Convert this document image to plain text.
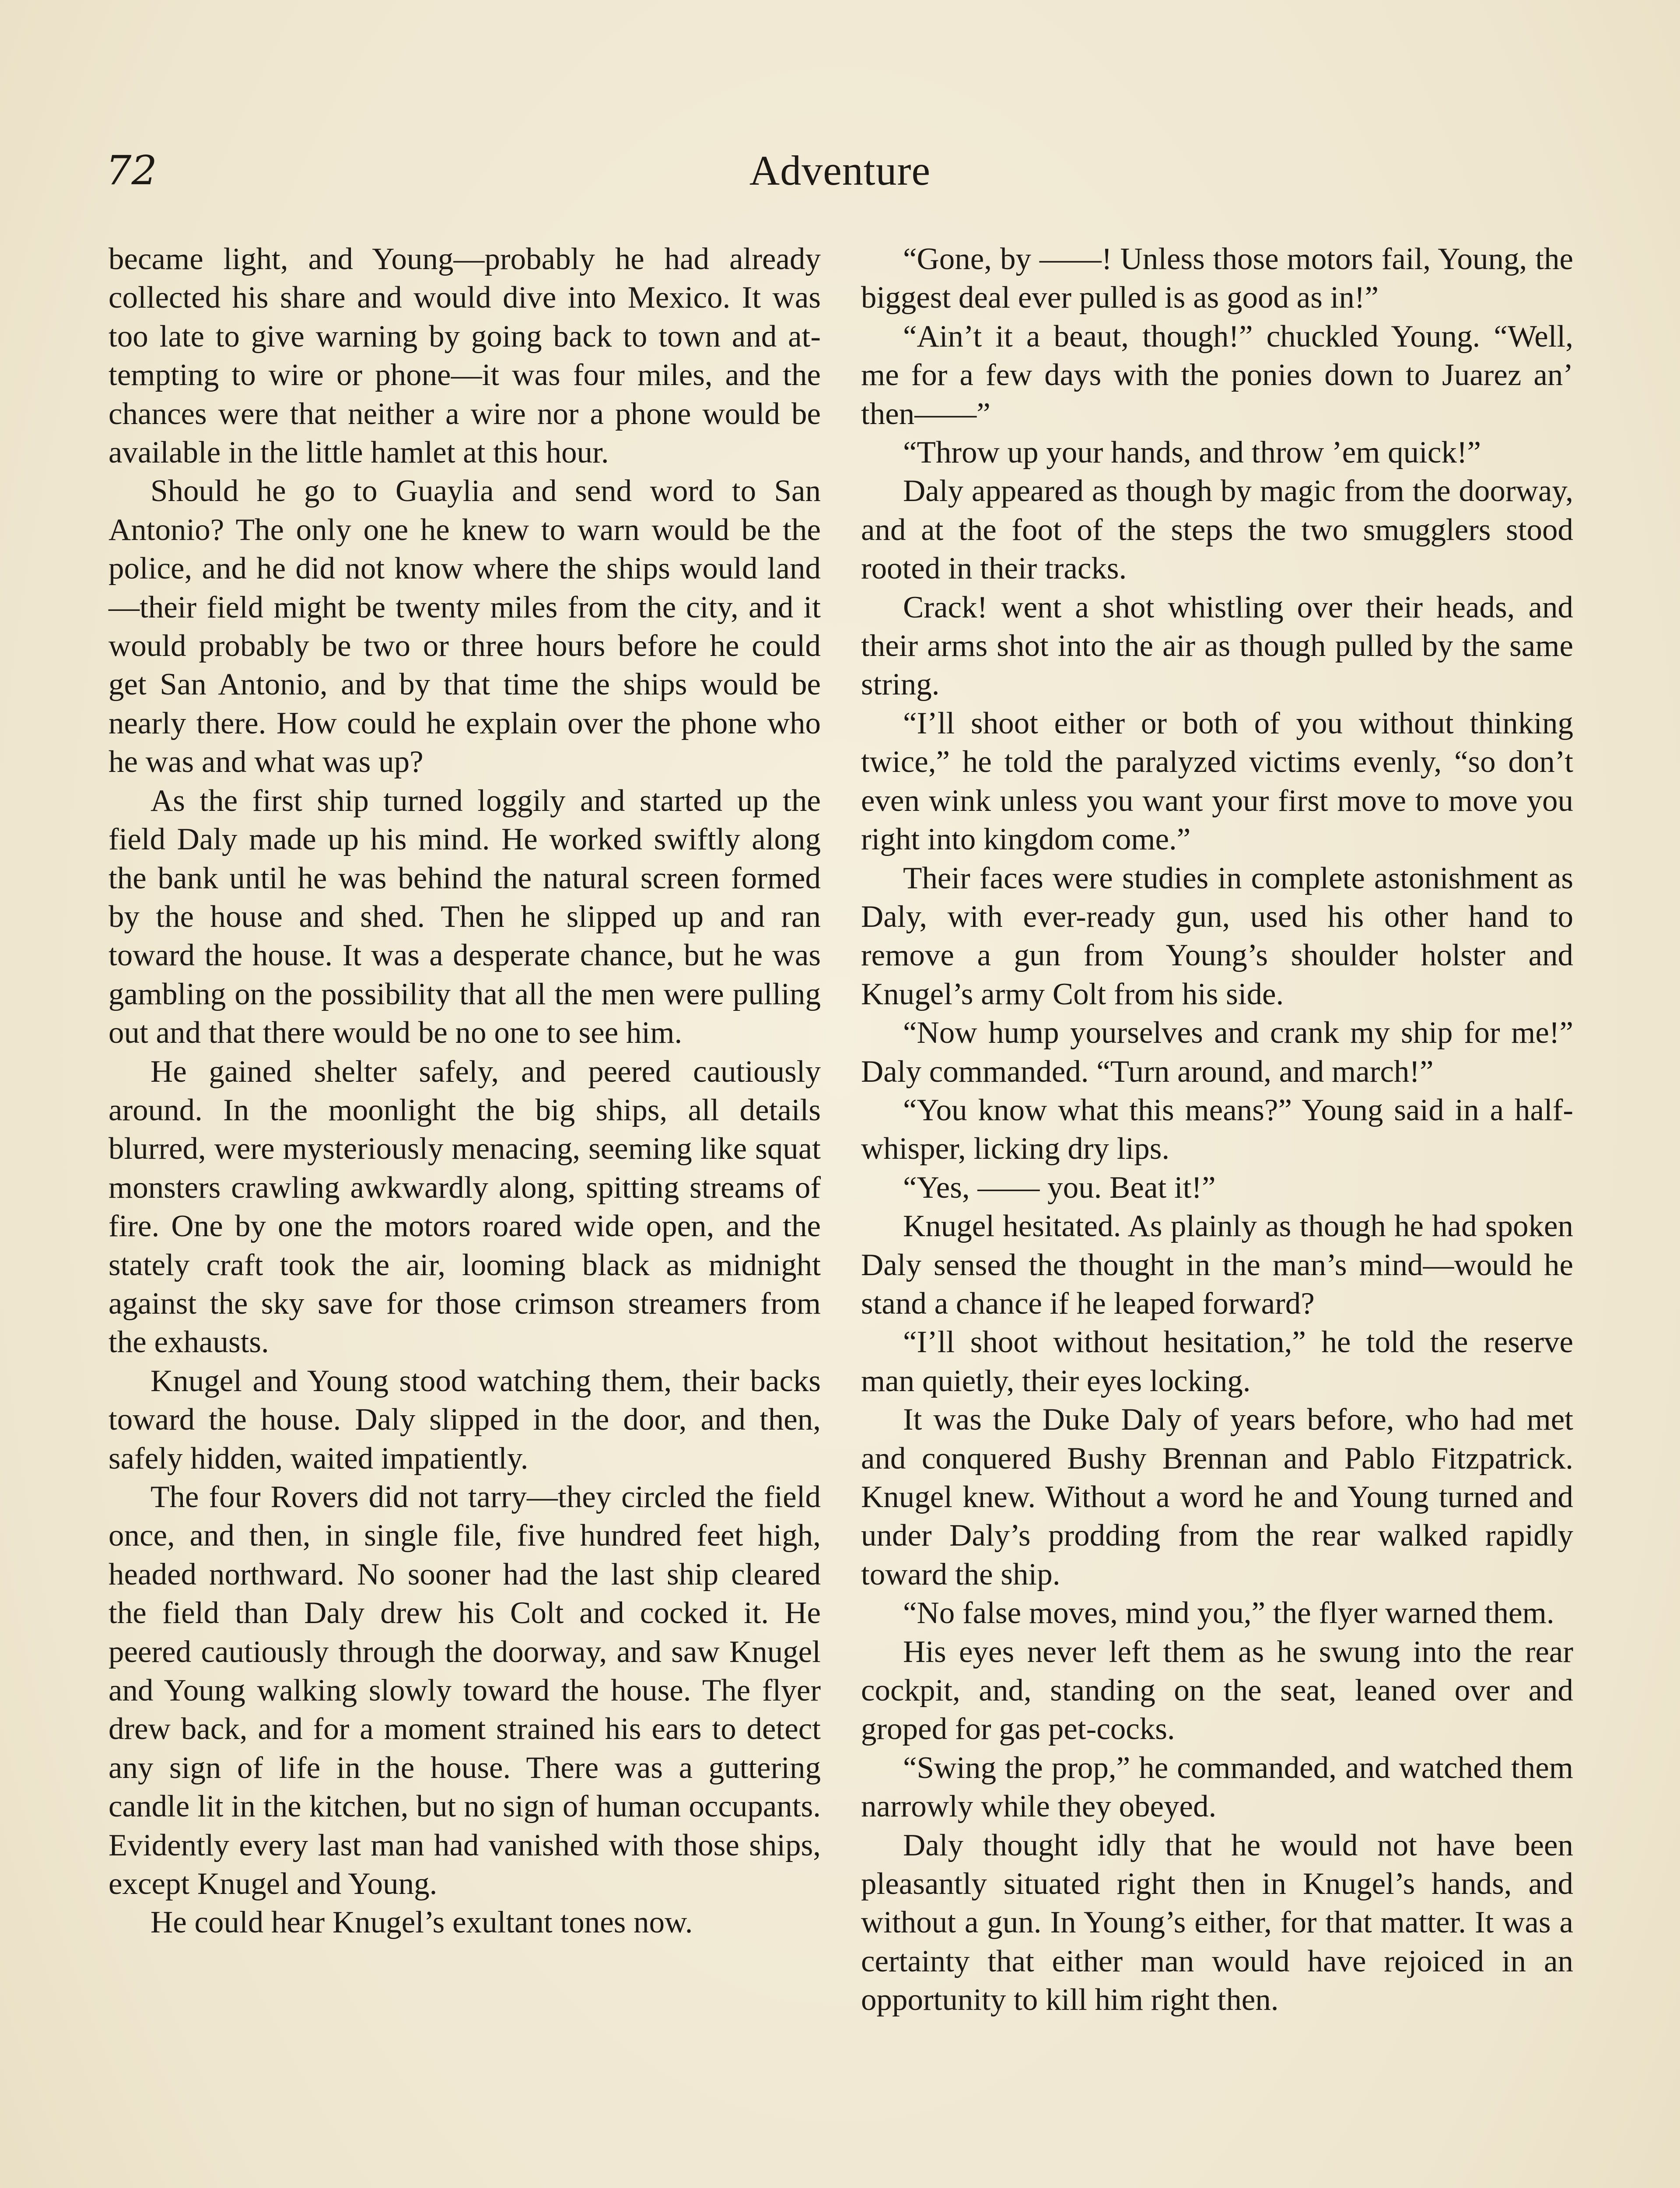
72	Adventure

became light, and Young—probably he had already collected his share and would dive into Mexico. It was too late to give warning by going back to town and attempting to wire or phone—it was four miles, and the chances were that neither a wire nor a phone would be available in the little hamlet at this hour.

Should he go to Guaylia and send word to San Antonio? The only one he knew to warn would be the police, and he did not know where the ships would land—their field might be twenty miles from the city, and it would probably be two or three hours before he could get San Antonio, and by that time the ships would be nearly there. How could he explain over the phone who he was and what was up?

As the first ship turned loggily and started up the field Daly made up his mind. He worked swiftly along the bank until he was behind the natural screen formed by the house and shed. Then he slipped up and ran toward the house. It was a desperate chance, but he was gambling on the possibility that all the men were pulling out and that there would be no one to see him.

He gained shelter safely, and peered cautiously around. In the moonlight the big ships, all details blurred, were mysteriously menacing, seeming like squat monsters crawling awkwardly along, spitting streams of fire. One by one the motors roared wide open, and the stately craft took the air, looming black as midnight against the sky save for those crimson streamers from the exhausts.

Knugel and Young stood watching them, their backs toward the house. Daly slipped in the door, and then, safely hidden, waited impatiently.

The four Rovers did not tarry—they circled the field once, and then, in single file, five hundred feet high, headed northward. No sooner had the last ship cleared the field than Daly drew his Colt and cocked it. He peered cautiously through the doorway, and saw Knugel and Young walking slowly toward the house. The flyer drew back, and for a moment strained his ears to detect any sign of life in the house. There was a guttering candle lit in the kitchen, but no sign of human occupants. Evidently every last man had vanished with those ships, except Knugel and Young.

He could hear Knugel’s exultant tones now.

“Gone, by ——! Unless those motors fail, Young, the biggest deal ever pulled is as good as in!”

“Ain’t it a beaut, though!” chuckled Young. “Well, me for a few days with the ponies down to Juarez an’ then——”

“Throw up your hands, and throw ’em quick!”

Daly appeared as though by magic from the doorway, and at the foot of the steps the two smugglers stood rooted in their tracks.

Crack! went a shot whistling over their heads, and their arms shot into the air as though pulled by the same string.

“I’ll shoot either or both of you without thinking twice,” he told the paralyzed victims evenly, “so don’t even wink unless you want your first move to move you right into kingdom come.”

Their faces were studies in complete astonishment as Daly, with ever-ready gun, used his other hand to remove a gun from Young’s shoulder holster and Knugel’s army Colt from his side.

“Now hump yourselves and crank my ship for me!” Daly commanded. “Turn around, and march!”

“You know what this means?” Young said in a half-whisper, licking dry lips.

“Yes, —— you. Beat it!”

Knugel hesitated. As plainly as though he had spoken Daly sensed the thought in the man’s mind—would he stand a chance if he leaped forward?

“I’ll shoot without hesitation,” he told the reserve man quietly, their eyes locking.

It was the Duke Daly of years before, who had met and conquered Bushy Brennan and Pablo Fitzpatrick. Knugel knew. Without a word he and Young turned and under Daly’s prodding from the rear walked rapidly toward the ship.

“No false moves, mind you,” the flyer warned them.

His eyes never left them as he swung into the rear cockpit, and, standing on the seat, leaned over and groped for gas pet-cocks.

“Swing the prop,” he commanded, and watched them narrowly while they obeyed.

Daly thought idly that he would not have been pleasantly situated right then in Knugel’s hands, and without a gun. In Young’s either, for that matter. It was a certainty that either man would have rejoiced in an opportunity to kill him right then.
